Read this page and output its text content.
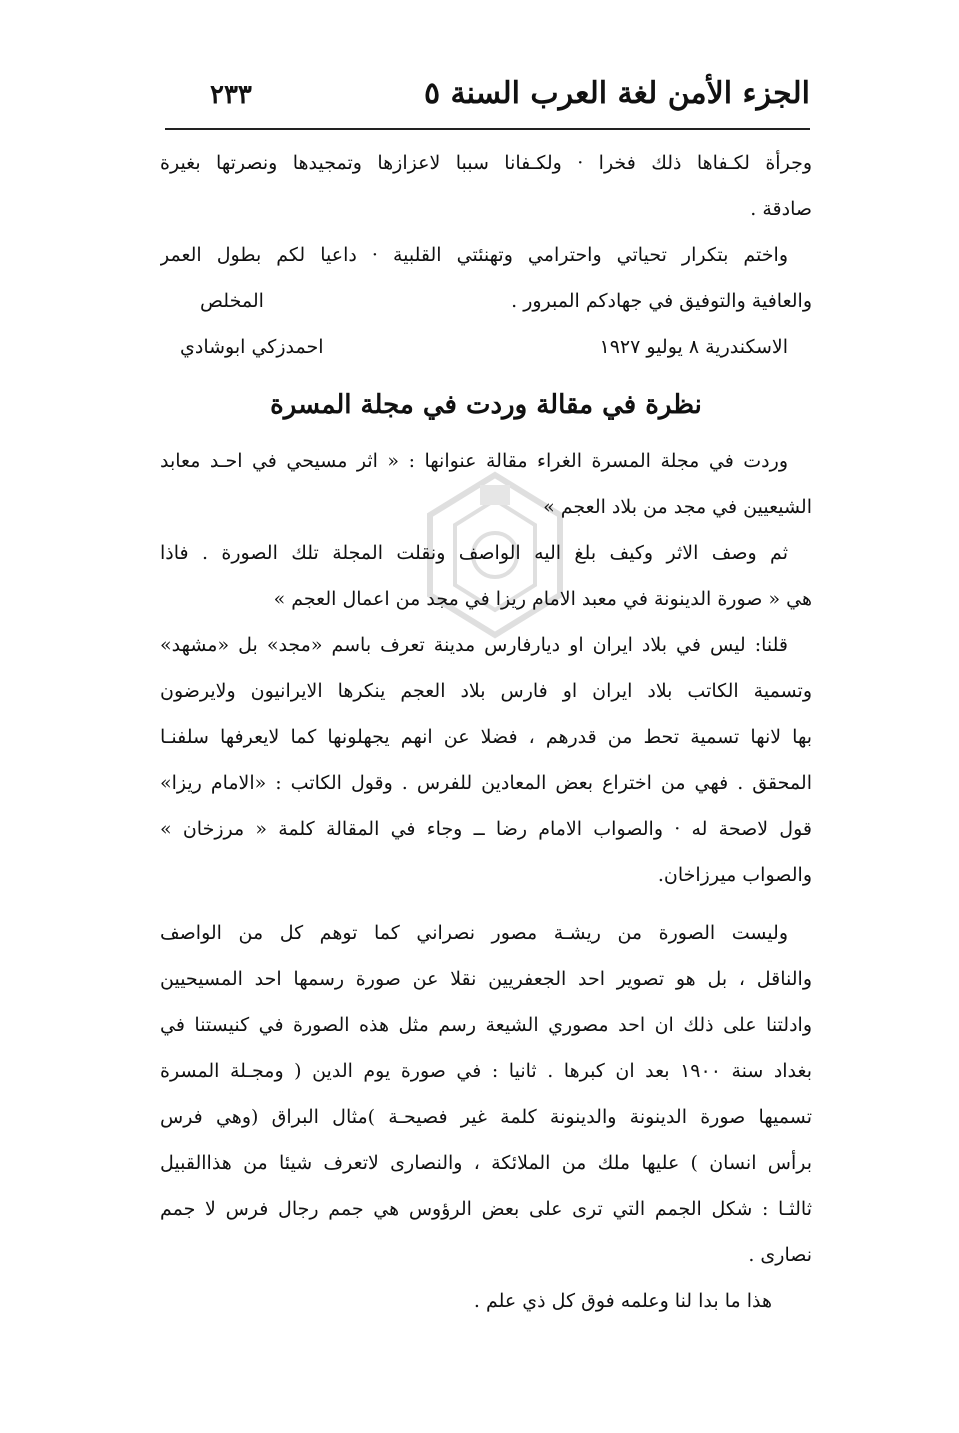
الجزء الأمن لغة العرب السنة ٥
٢٣٣
وجرأة لكـفاها ذلك فخرا · ولكـفانا سببا لاعزازها وتمجيدها ونصرتها بغيرة
صادقة .
واختم بتكرار تحياتي واحترامي وتهنئتي القلبية · داعيا لكم بطول العمر
والعافية والتوفيق في جهادكم المبرور .
المخلص
الاسكندرية ٨ يوليو ١٩٢٧
احمدزكي ابوشادي
نظرة في مقالة وردت في مجلة المسرة
وردت في مجلة المسرة الغراء مقالة عنوانها : « اثر مسيحي في احـد معابد
الشيعيين في مجد من بلاد العجم »
ثم وصف الاثر وكيف بلغ اليه الواصف ونقلت المجلة تلك الصورة . فاذا
هي « صورة الدينونة في معبد الامام ريزا في مجد من اعمال العجم »
قلنا: ليس في بلاد ايران او ديارفارس مدينة تعرف باسم «مجد» بل «مشهد»
وتسمية الكاتب بلاد ايران او فارس بلاد العجم ينكرها الايرانيون ولايرضون
بها لانها تسمية تحط من قدرهم ، فضلا عن انهم يجهلونها كما لايعرفها سلفنـا
المحقق . فهي من اختراع بعض المعادين للفرس . وقول الكاتب : «الامام ريزا»
قول لاصحة له · والصواب الامام رضا ــ وجاء في المقالة كلمة « مرزخان »
والصواب ميرزاخان.
وليست الصورة من ريشـة مصور نصراني كما توهم كل من الواصف
والناقل ، بل هو تصوير احد الجعفريين نقلا عن صورة رسمها احد المسيحيين
وادلتنا على ذلك ان احد مصوري الشيعة رسم مثل هذه الصورة في كنيستنا في
بغداد سنة ١٩٠٠ بعد ان كبرها . ثانيا : في صورة يوم الدين ( ومجـلة المسرة
تسميها صورة الدينونة والدينونة كلمة غير فصيحـة )مثال البراق (وهي فرس
برأس انسان ) عليها ملك من الملائكة ، والنصارى لاتعرف شيئا من هذاالقبيل
ثالثـا : شكل الجمم التي ترى على بعض الرؤوس هي جمم رجال فرس لا جمم
نصارى .
هذا ما بدا لنا وعلمه فوق كل ذي علم .
